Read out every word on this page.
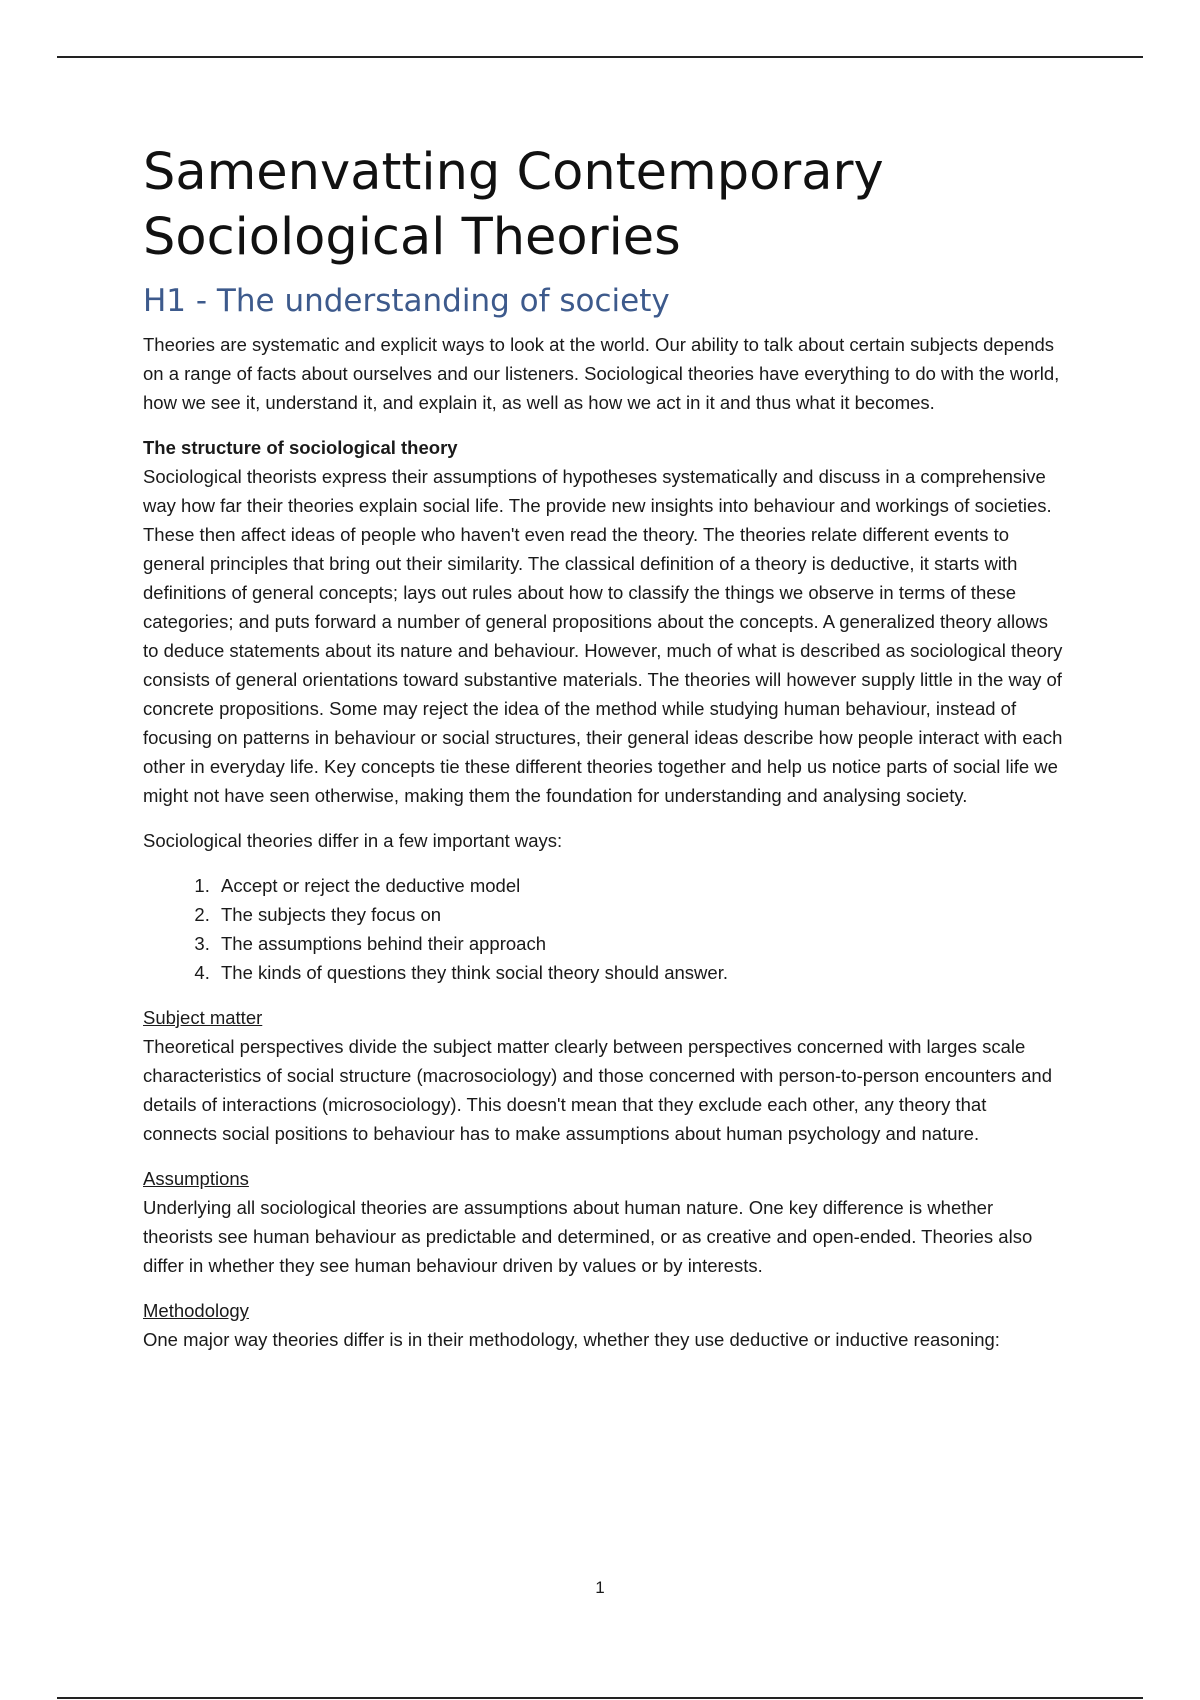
Samenvatting Contemporary Sociological Theories
H1 - The understanding of society

Theories are systematic and explicit ways to look at the world. Our ability to talk about certain subjects depends on a range of facts about ourselves and our listeners. Sociological theories have everything to do with the world, how we see it, understand it, and explain it, as well as how we act in it and thus what it becomes.

The structure of sociological theory

Sociological theorists express their assumptions of hypotheses systematically and discuss in a comprehensive way how far their theories explain social life. The provide new insights into behaviour and workings of societies. These then affect ideas of people who haven't even read the theory. The theories relate different events to general principles that bring out their similarity. The classical definition of a theory is deductive, it starts with definitions of general concepts; lays out rules about how to classify the things we observe in terms of these categories; and puts forward a number of general propositions about the concepts. A generalized theory allows to deduce statements about its nature and behaviour. However, much of what is described as sociological theory consists of general orientations toward substantive materials. The theories will however supply little in the way of concrete propositions. Some may reject the idea of the method while studying human behaviour, instead of focusing on patterns in behaviour or social structures, their general ideas describe how people interact with each other in everyday life. Key concepts tie these different theories together and help us notice parts of social life we might not have seen otherwise, making them the foundation for understanding and analysing society.

Sociological theories differ in a few important ways:

1. Accept or reject the deductive model
2. The subjects they focus on
3. The assumptions behind their approach
4. The kinds of questions they think social theory should answer.
Subject matter

Theoretical perspectives divide the subject matter clearly between perspectives concerned with larges scale characteristics of social structure (macrosociology) and those concerned with person-to-person encounters and details of interactions (microsociology). This doesn't mean that they exclude each other, any theory that connects social positions to behaviour has to make assumptions about human psychology and nature.

Assumptions

Underlying all sociological theories are assumptions about human nature. One key difference is whether theorists see human behaviour as predictable and determined, or as creative and open-ended. Theories also differ in whether they see human behaviour driven by values or by interests.

Methodology

One major way theories differ is in their methodology, whether they use deductive or inductive reasoning:

1
